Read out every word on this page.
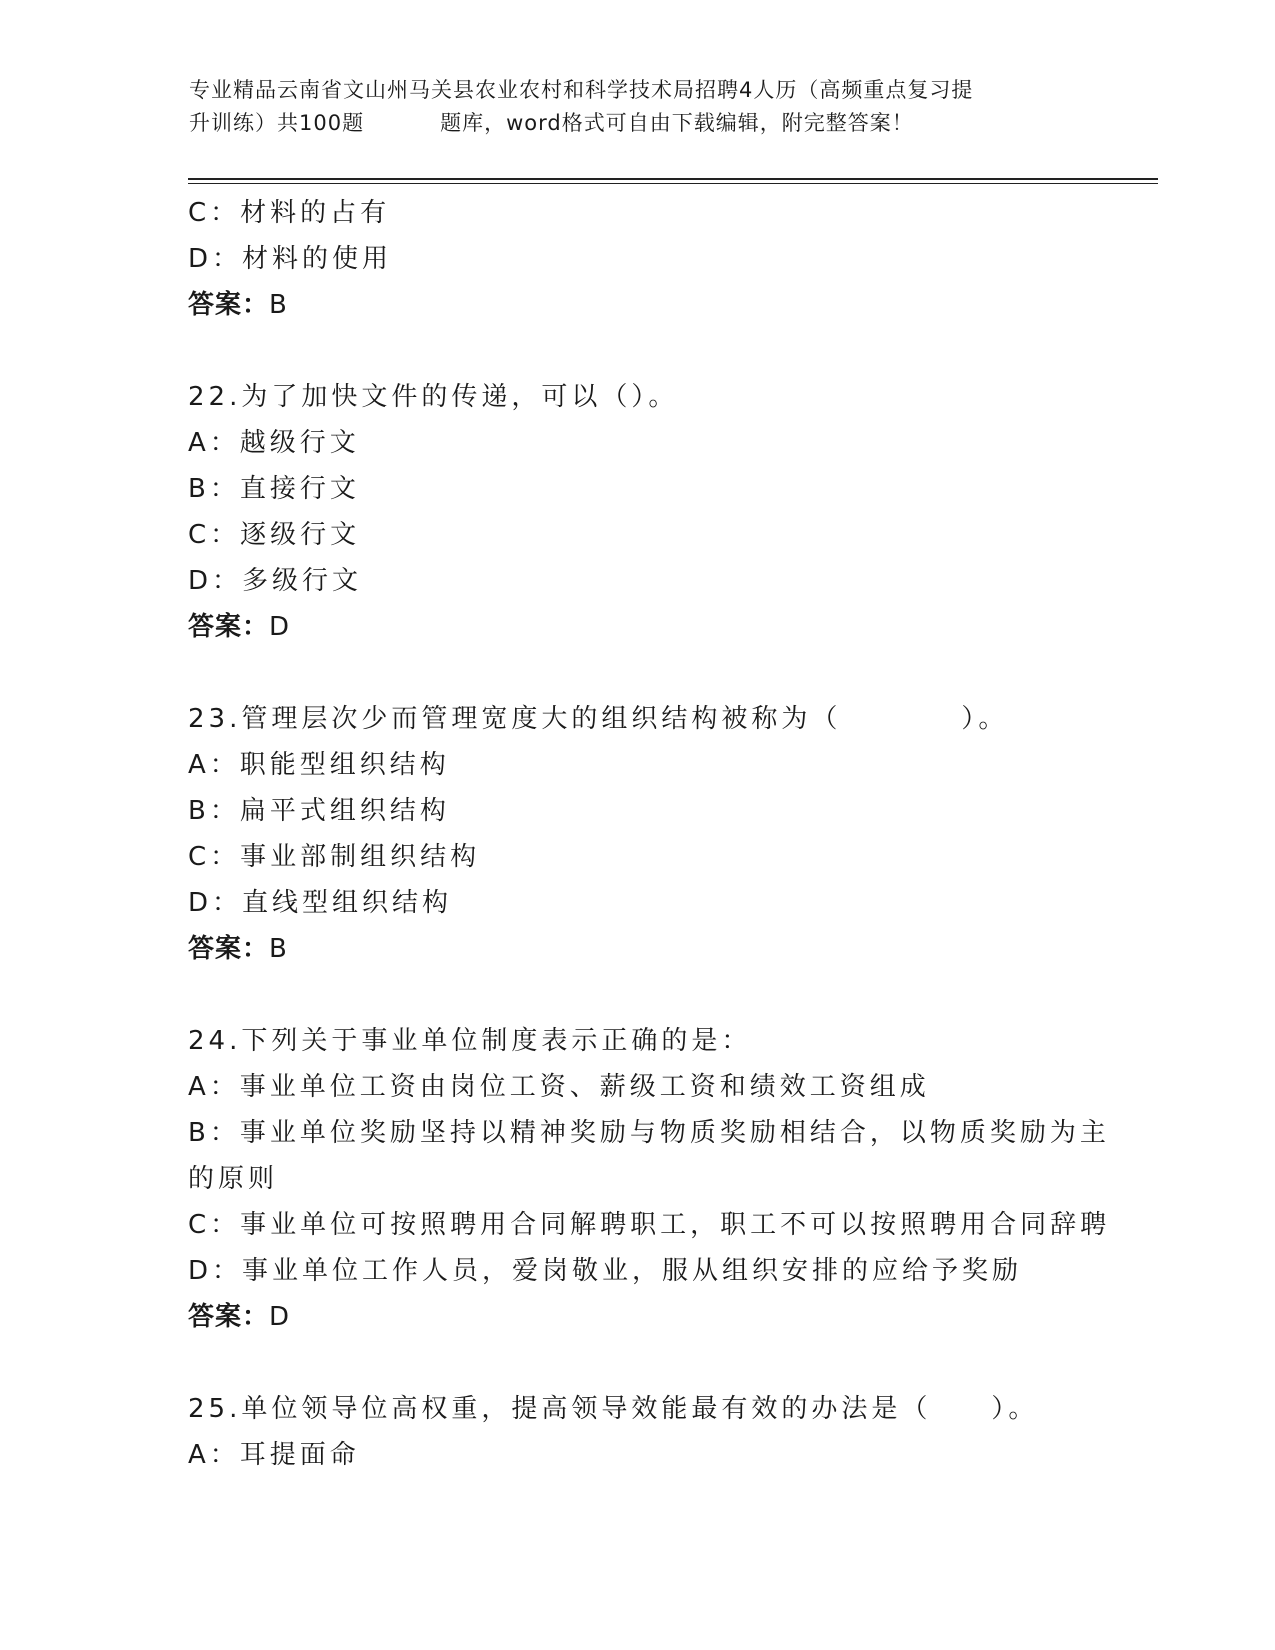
专业精品云南省文山州马关县农业农村和科学技术局招聘4人历（高频重点复习提
升训练）共100题	题库，word格式可自由下载编辑，附完整答案！
C：材料的占有
D：材料的使用
答案：B
22.为了加快文件的传递，可以（）。
A：越级行文
B：直接行文
C：逐级行文
D：多级行文
答案：D
23.管理层次少而管理宽度大的组织结构被称为（　　　　）。
A：职能型组织结构
B：扁平式组织结构
C：事业部制组织结构
D：直线型组织结构
答案：B
24.下列关于事业单位制度表示正确的是：
A：事业单位工资由岗位工资、薪级工资和绩效工资组成
B：事业单位奖励坚持以精神奖励与物质奖励相结合，以物质奖励为主
的原则
C：事业单位可按照聘用合同解聘职工，职工不可以按照聘用合同辞聘
D：事业单位工作人员，爱岗敬业，服从组织安排的应给予奖励
答案：D
25.单位领导位高权重，提高领导效能最有效的办法是（　　）。
A：耳提面命
